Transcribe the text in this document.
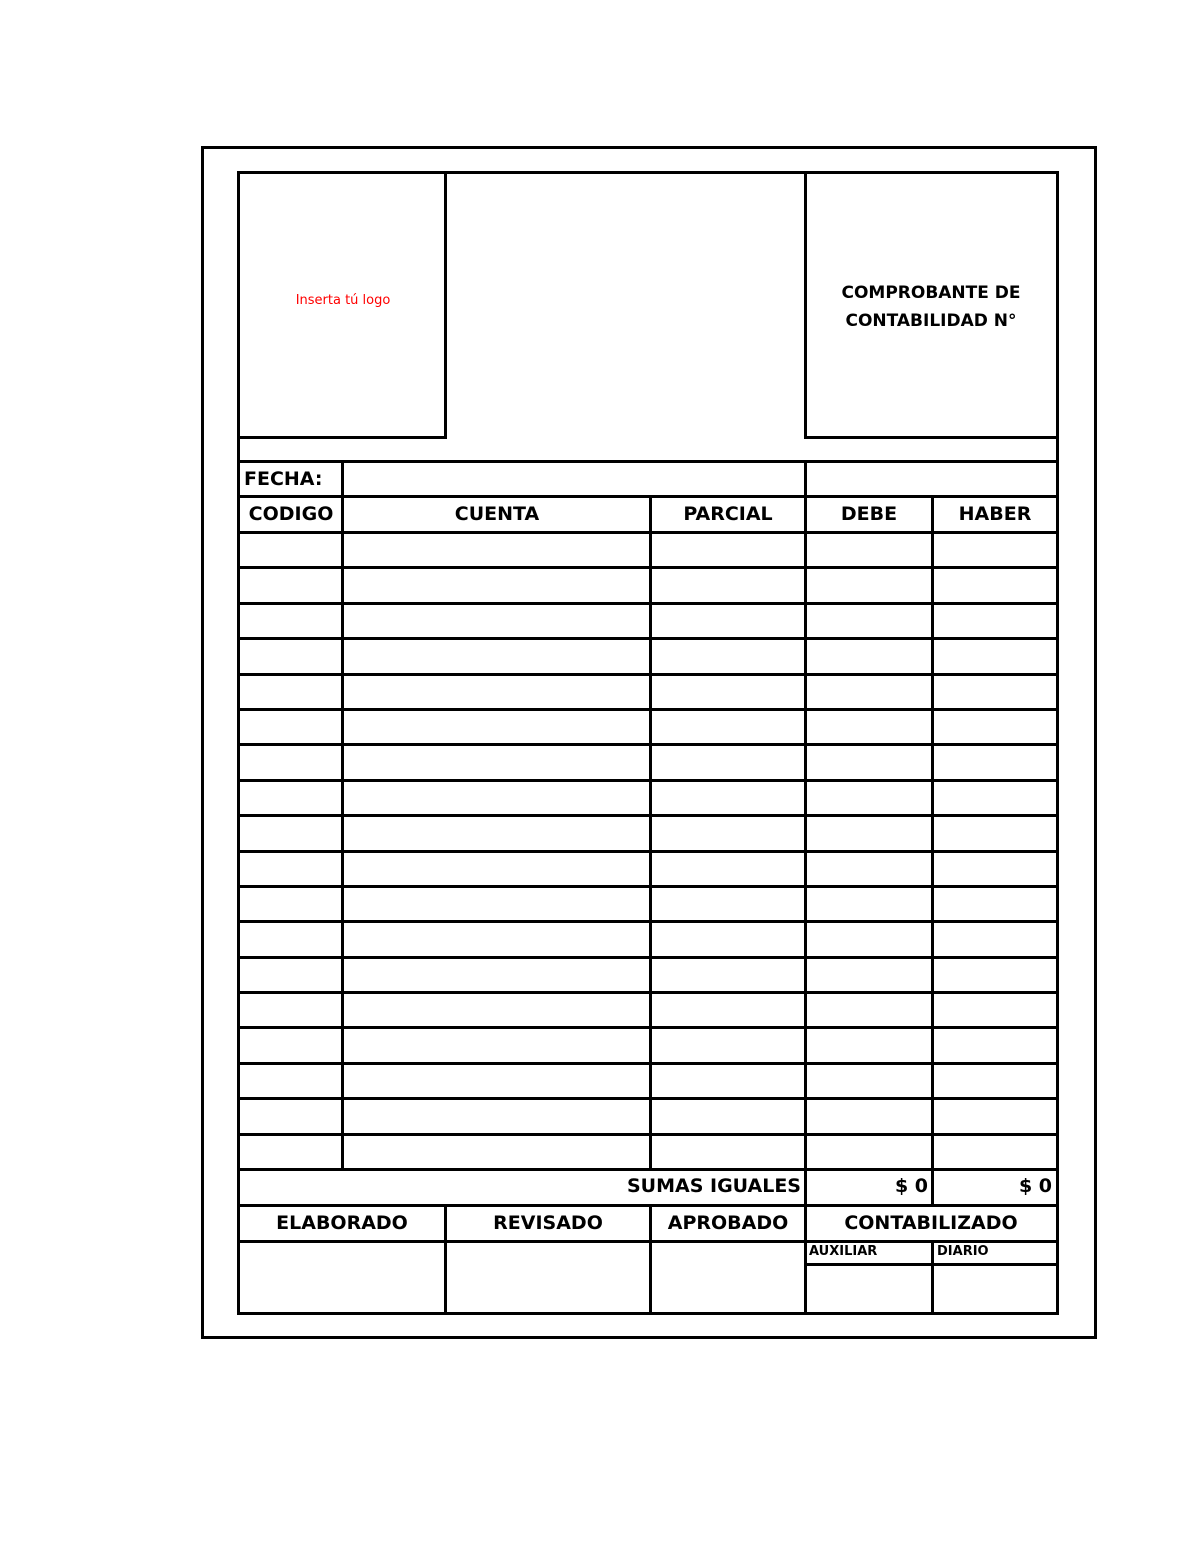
Inserta tú logo	COMPROBANTE DE
CONTABILIDAD N°
FECHA:
CODIGO	CUENTA	PARCIAL	DEBE	HABER
SUMAS IGUALES	$ 0	$ 0
ELABORADO	REVISADO	APROBADO	CONTABILIZADO
AUXILIAR	DIARIO
